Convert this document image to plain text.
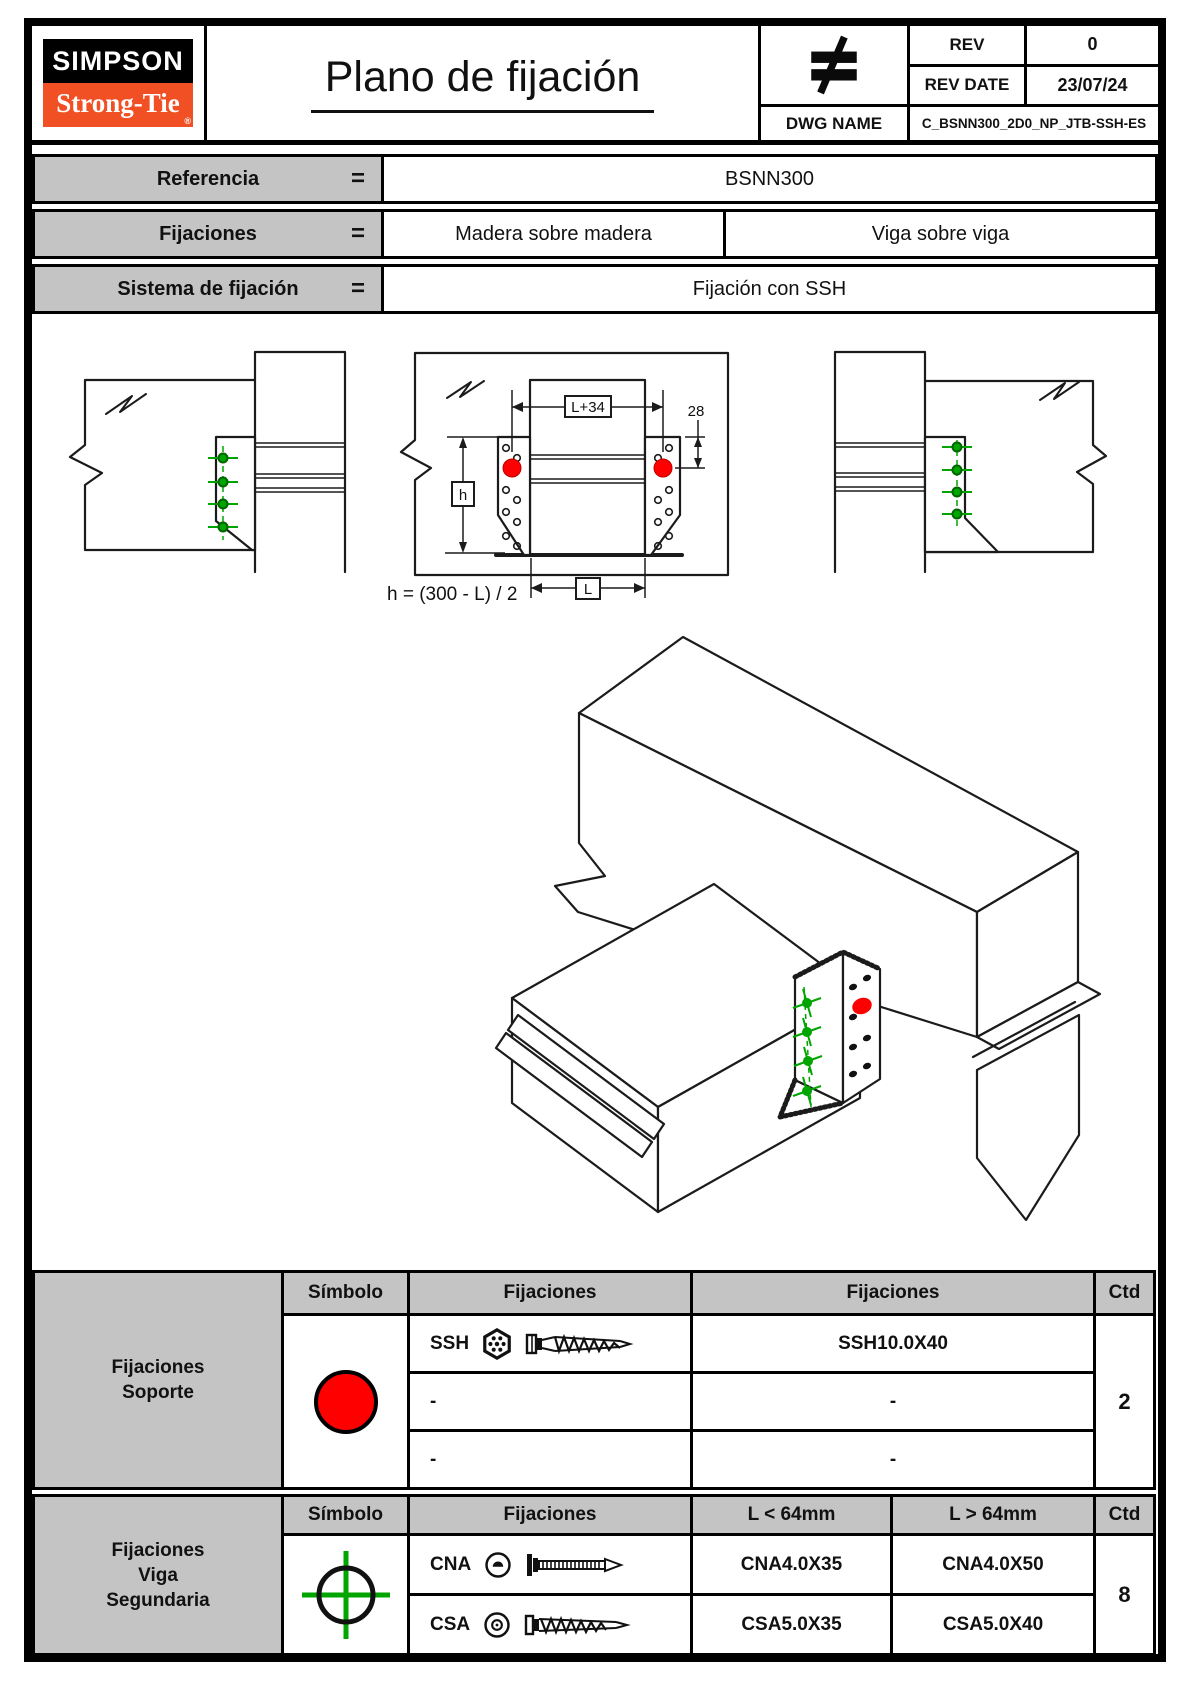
SIMPSON
Strong-Tie
®
Plano de fijación
REV	0
REV DATE	23/07/24
DWG NAME	C_BSNN300_2D0_NP_JTB-SSH-ES
Referencia	=	BSNN300
Fijaciones	=	Madera sobre madera	Viga sobre viga
Sistema de fijación =	Fijación con SSH
L+34	28
h
L
h = (300 - L) / 2
Fijaciones
Soporte
Símbolo	Fijaciones	Fijaciones	Ctd
SSH	SSH10.0X40
-	-
-	-
2
Fijaciones
Viga
Segundaria
Símbolo	Fijaciones	L < 64mm	L > 64mm	Ctd
CNA	CNA4.0X35	CNA4.0X50
CSA	CSA5.0X35	CSA5.0X40
8
